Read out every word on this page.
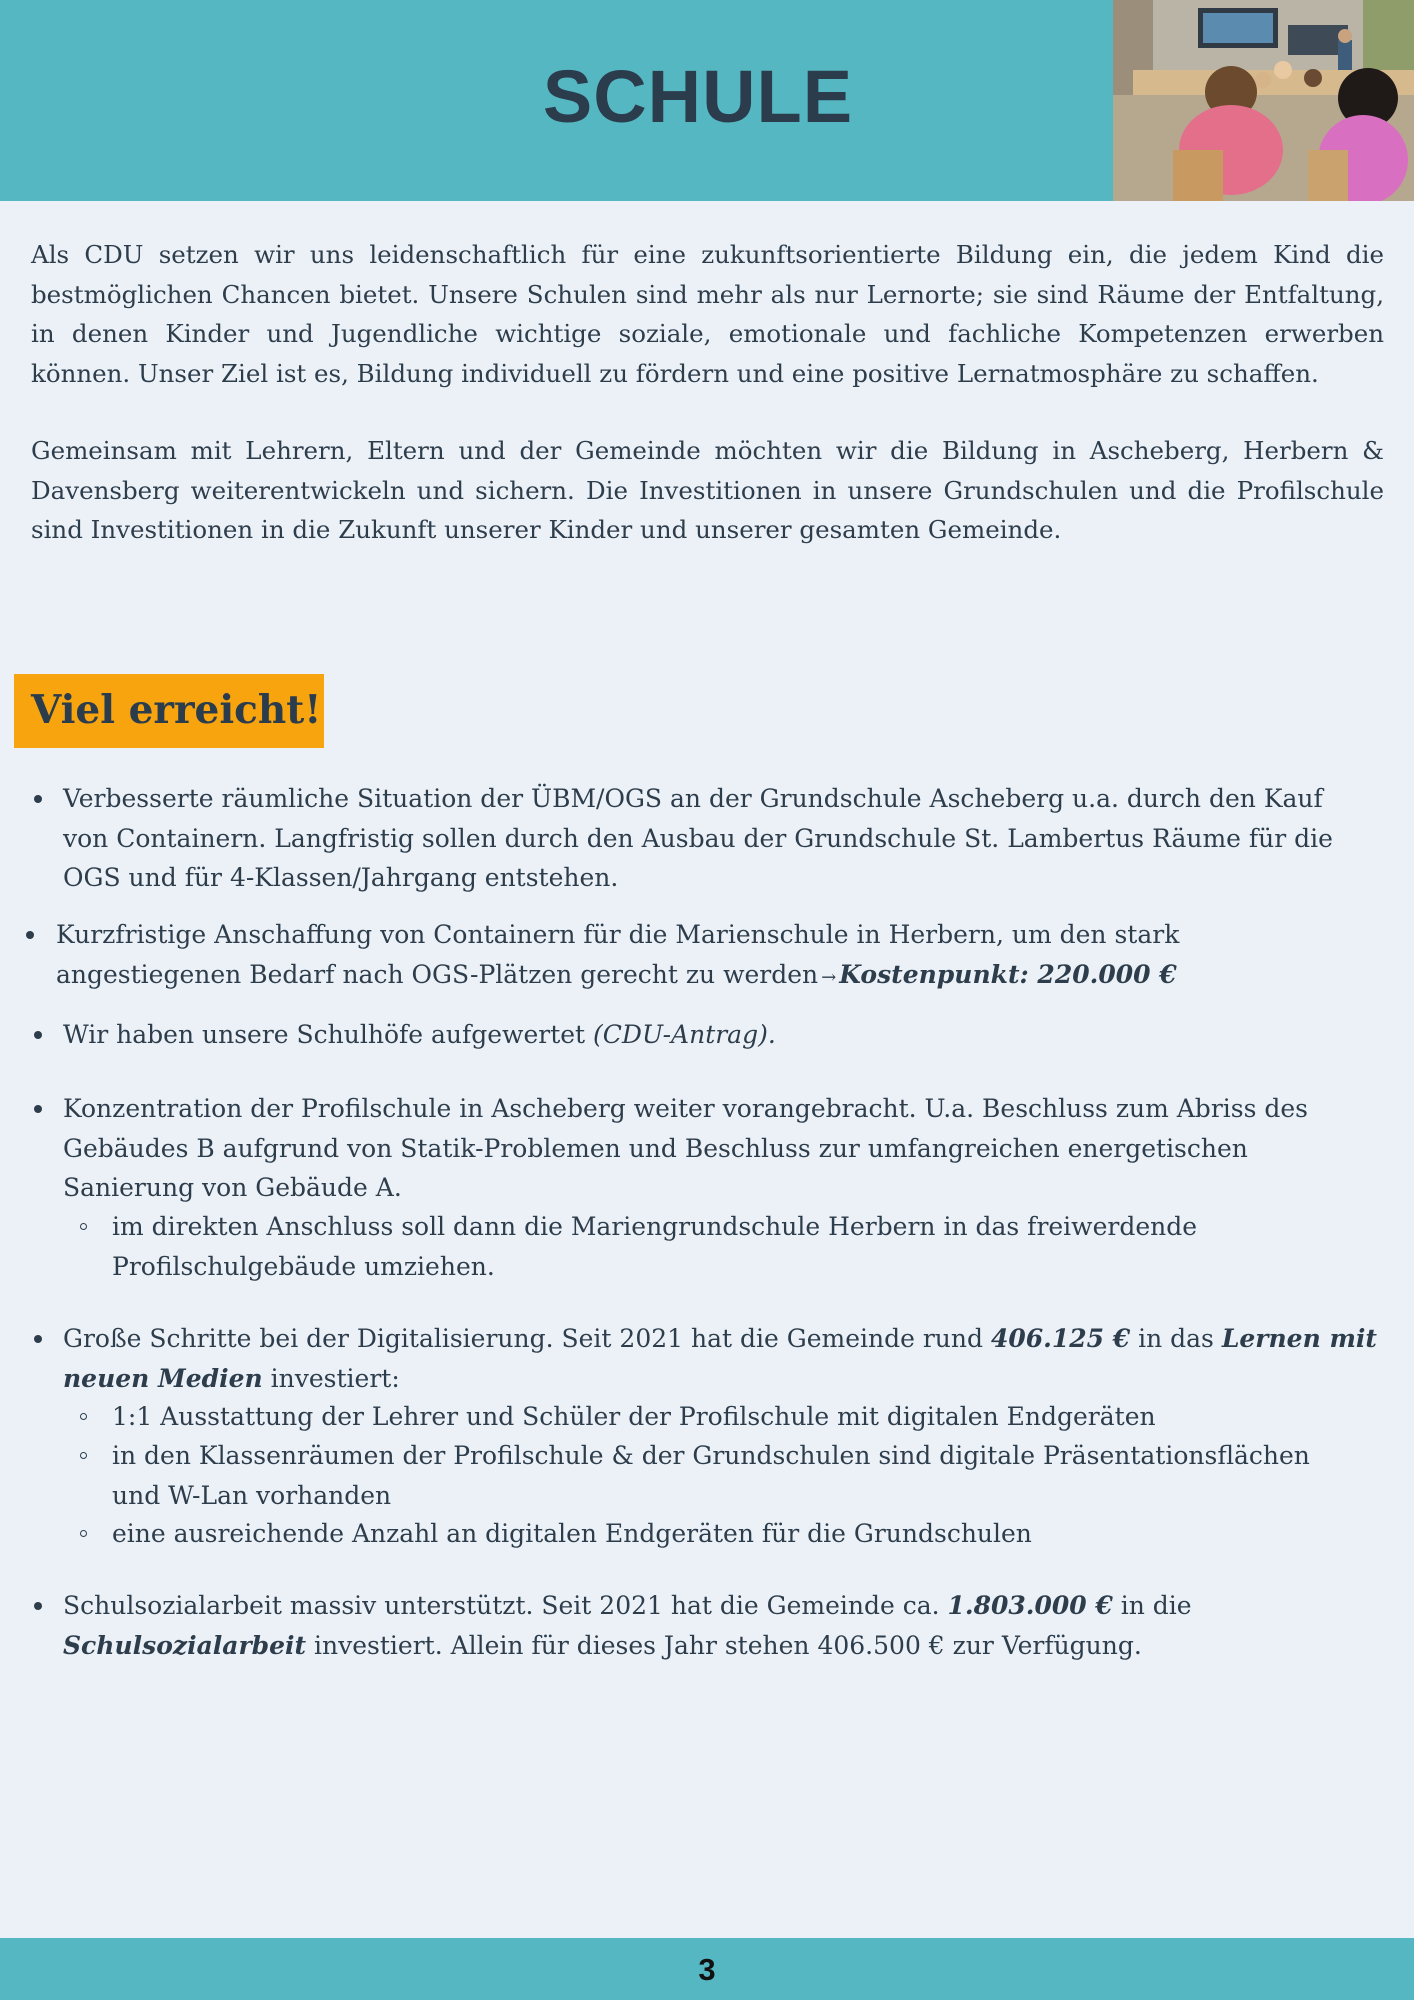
SCHULE

Als CDU setzen wir uns leidenschaftlich für eine zukunftsorientierte Bildung ein, die jedem Kind die bestmöglichen Chancen bietet. Unsere Schulen sind mehr als nur Lernorte; sie sind Räume der Entfaltung, in denen Kinder und Jugendliche wichtige soziale, emotionale und fachliche Kompetenzen erwerben können. Unser Ziel ist es, Bildung individuell zu fördern und eine positive Lernatmosphäre zu schaffen.

Gemeinsam mit Lehrern, Eltern und der Gemeinde möchten wir die Bildung in Ascheberg, Herbern & Davensberg weiterentwickeln und sichern. Die Investitionen in unsere Grundschulen und die Profilschule sind Investitionen in die Zukunft unserer Kinder und unserer gesamten Gemeinde.

Viel erreicht!
Verbesserte räumliche Situation der ÜBM/OGS an der Grundschule Ascheberg u.a. durch den Kauf
von Containern. Langfristig sollen durch den Ausbau der Grundschule St. Lambertus Räume für die
OGS und für 4-Klassen/Jahrgang entstehen.
Kurzfristige Anschaffung von Containern für die Marienschule in Herbern, um den stark
angestiegenen Bedarf nach OGS-Plätzen gerecht zu werden → Kostenpunkt: 220.000 €
Wir haben unsere Schulhöfe aufgewertet (CDU-Antrag).
Konzentration der Profilschule in Ascheberg weiter vorangebracht. U.a. Beschluss zum Abriss des
Gebäudes B aufgrund von Statik-Problemen und Beschluss zur umfangreichen energetischen
Sanierung von Gebäude A.
im direkten Anschluss soll dann die Mariengrundschule Herbern in das freiwerdende
Profilschulgebäude umziehen.
Große Schritte bei der Digitalisierung. Seit 2021 hat die Gemeinde rund 406.125 € in das Lernen mit
neuen Medien investiert:
1:1 Ausstattung der Lehrer und Schüler der Profilschule mit digitalen Endgeräten
in den Klassenräumen der Profilschule & der Grundschulen sind digitale Präsentationsflächen
und W-Lan vorhanden
eine ausreichende Anzahl an digitalen Endgeräten für die Grundschulen
Schulsozialarbeit massiv unterstützt. Seit 2021 hat die Gemeinde ca. 1.803.000 € in die
Schulsozialarbeit investiert. Allein für dieses Jahr stehen 406.500 € zur Verfügung.
3
